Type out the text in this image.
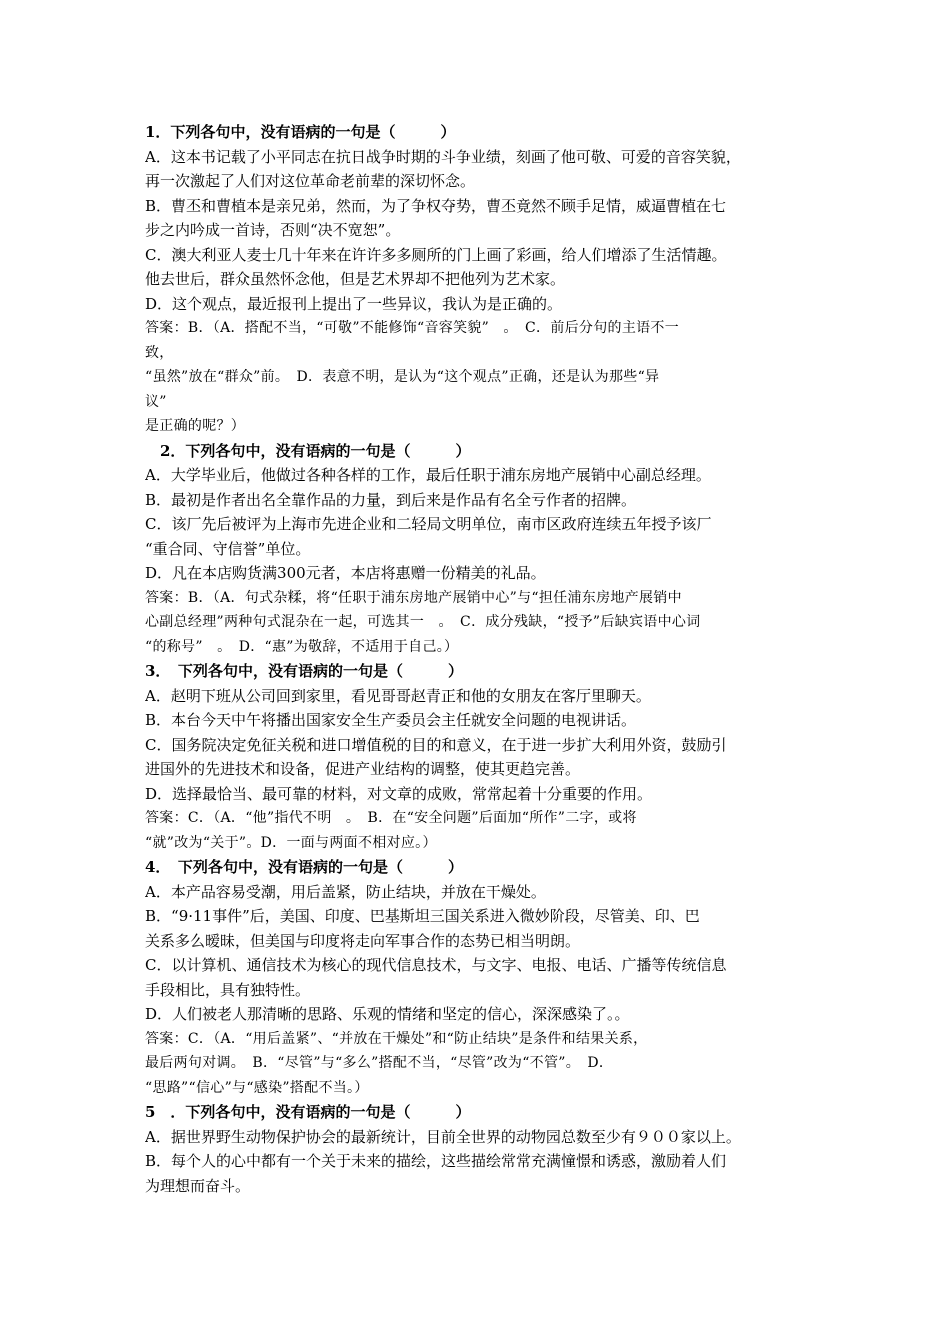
1．下列各句中，没有语病的一句是（　　　）
A．这本书记载了小平同志在抗日战争时期的斗争业绩，刻画了他可敬、可爱的音容笑貌，
再一次激起了人们对这位革命老前辈的深切怀念。
B．曹丕和曹植本是亲兄弟，然而，为了争权夺势，曹丕竟然不顾手足情，威逼曹植在七
步之内吟成一首诗，否则“决不宽恕”。
C．澳大利亚人麦士几十年来在许许多多厕所的门上画了彩画，给人们增添了生活情趣。
他去世后，群众虽然怀念他，但是艺术界却不把他列为艺术家。
D．这个观点，最近报刊上提出了一些异议，我认为是正确的。
答案：B．（A．搭配不当，“可敬”不能修饰“音容笑貌”　。　C．前后分句的主语不一
致，
“虽然”放在“群众”前。　D．表意不明，是认为“这个观点”正确，还是认为那些“异
议”
是正确的呢？）
2．下列各句中，没有语病的一句是（　　　）
A．大学毕业后，他做过各种各样的工作，最后任职于浦东房地产展销中心副总经理。
B．最初是作者出名全靠作品的力量，到后来是作品有名全亏作者的招牌。
C．该厂先后被评为上海市先进企业和二轻局文明单位，南市区政府连续五年授予该厂
“重合同、守信誉”单位。
D．凡在本店购货满300元者，本店将惠赠一份精美的礼品。
答案：B．（A．句式杂糅，将“任职于浦东房地产展销中心”与“担任浦东房地产展销中
心副总经理”两种句式混杂在一起，可选其一　。　C．成分残缺，“授予”后缺宾语中心词
“的称号”　。　D．“惠”为敬辞，不适用于自己。）
3．　下列各句中，没有语病的一句是（　　　）
A．赵明下班从公司回到家里，看见哥哥赵青正和他的女朋友在客厅里聊天。
B．本台今天中午将播出国家安全生产委员会主任就安全问题的电视讲话。
C．国务院决定免征关税和进口增值税的目的和意义，在于进一步扩大利用外资，鼓励引
进国外的先进技术和设备，促进产业结构的调整，使其更趋完善。
D．选择最恰当、最可靠的材料，对文章的成败，常常起着十分重要的作用。
答案：C．（A．“他”指代不明　。　B．在“安全问题”后面加“所作”二字，或将
“就”改为“关于”。D．一面与两面不相对应。）
4．　下列各句中，没有语病的一句是（　　　）
A．本产品容易受潮，用后盖紧，防止结块，并放在干燥处。
B．“9·11事件”后，美国、印度、巴基斯坦三国关系进入微妙阶段，尽管美、印、巴
关系多么暧昧，但美国与印度将走向军事合作的态势已相当明朗。
C．以计算机、通信技术为核心的现代信息技术，与文字、电报、电话、广播等传统信息
手段相比，具有独特性。
D．人们被老人那清晰的思路、乐观的情绪和坚定的信心，深深感染了。。
答案：C．（A．“用后盖紧”、“并放在干燥处”和“防止结块”是条件和结果关系，
最后两句对调。　B．“尽管”与“多么”搭配不当，“尽管”改为“不管”。　D．
“思路”“信心”与“感染”搭配不当。）
5　．下列各句中，没有语病的一句是（　　　）
A．据世界野生动物保护协会的最新统计，目前全世界的动物园总数至少有９００家以上。
B．每个人的心中都有一个关于未来的描绘，这些描绘常常充满憧憬和诱惑，激励着人们
为理想而奋斗。
